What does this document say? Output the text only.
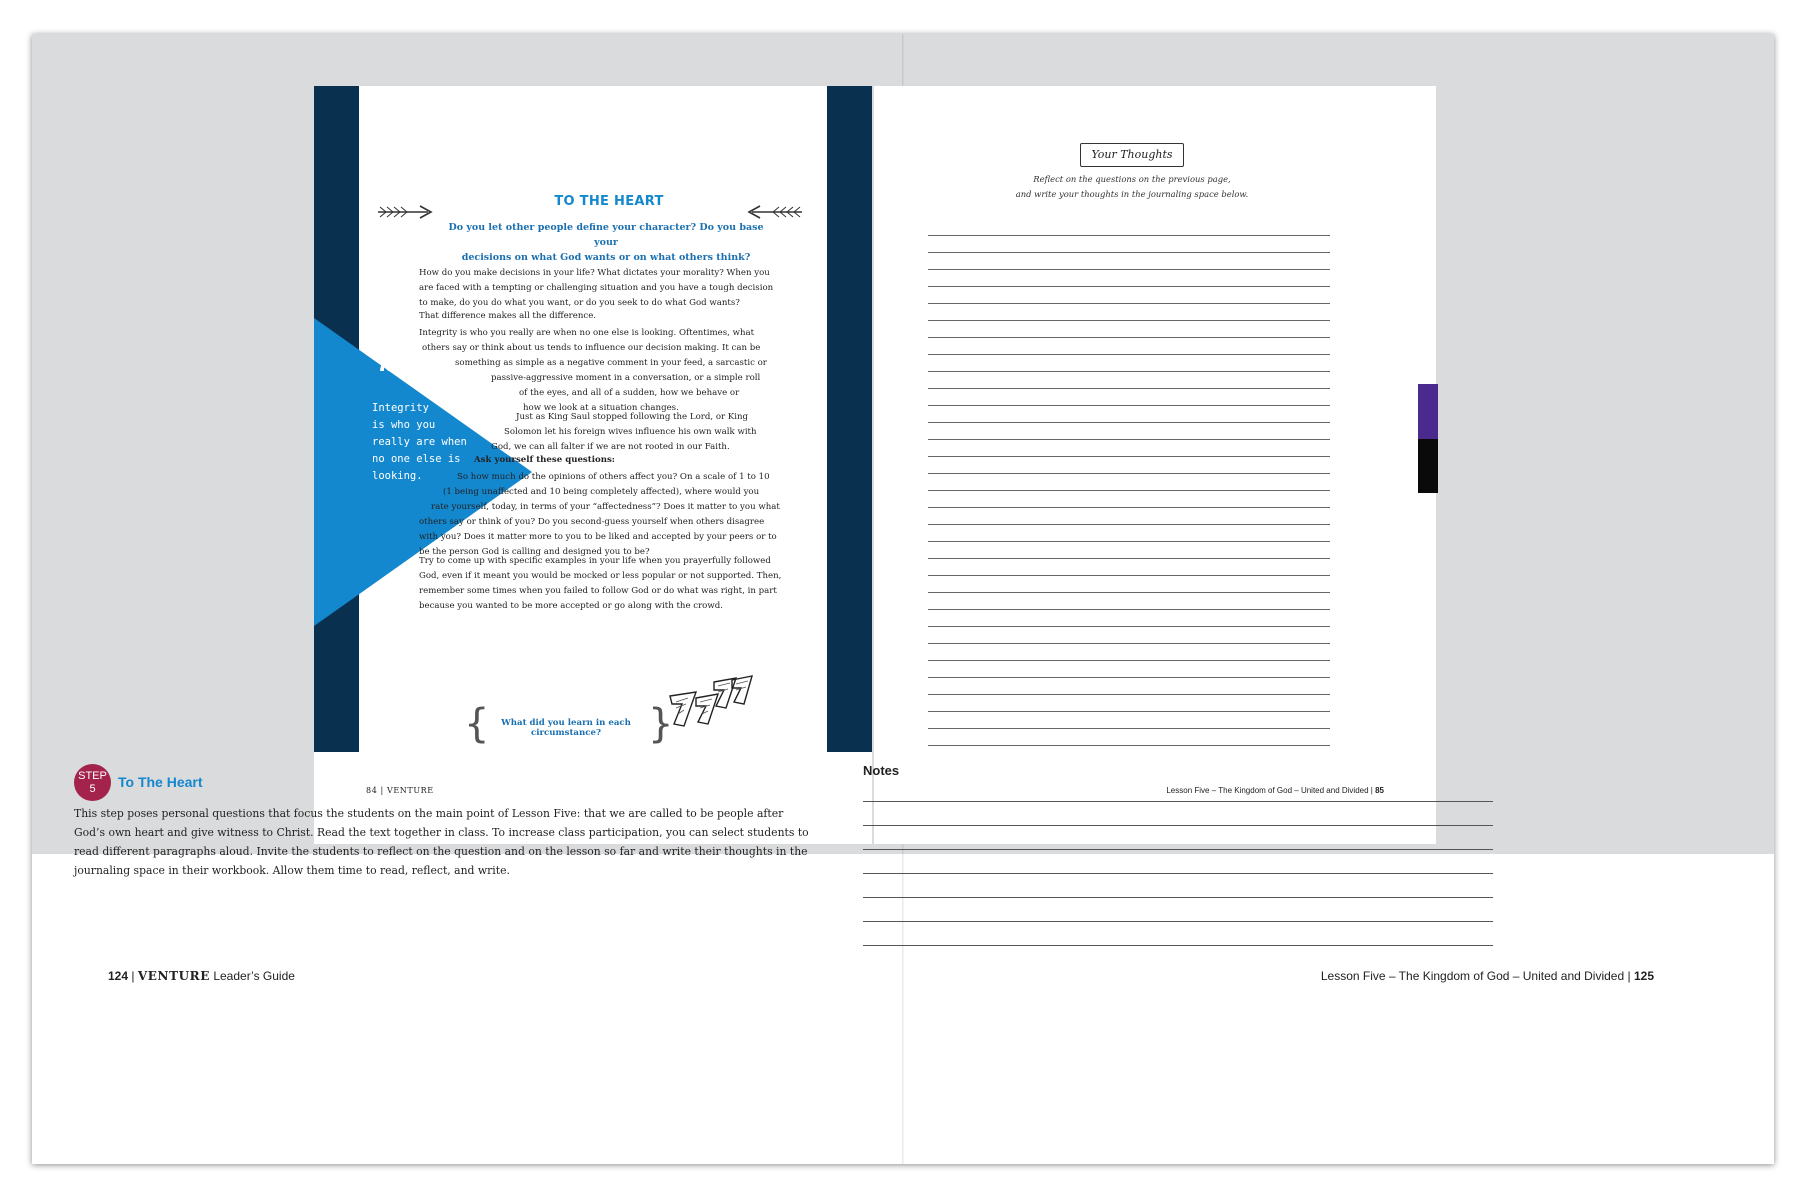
“
Integrity
is who you
really are when
no one else is
looking.
TO THE HEART
Do you let other people define your character? Do you base your
decisions on what God wants or on what others think?
How do you make decisions in your life? What dictates your morality? When you
are faced with a tempting or challenging situation and you have a tough decision
to make, do you do what you want, or do you seek to do what God wants?
That difference makes all the difference.
Integrity is who you really are when no one else is looking. Oftentimes, what
others say or think about us tends to influence our decision making. It can be
something as simple as a negative comment in your feed, a sarcastic or
passive-aggressive moment in a conversation, or a simple roll
of the eyes, and all of a sudden, how we behave or
how we look at a situation changes.
Just as King Saul stopped following the Lord, or King
Solomon let his foreign wives influence his own walk with
God, we can all falter if we are not rooted in our Faith.
Ask yourself these questions:
So how much do the opinions of others affect you? On a scale of 1 to 10
(1 being unaffected and 10 being completely affected), where would you
rate yourself, today, in terms of your “affectedness”? Does it matter to you what
others say or think of you? Do you second-guess yourself when others disagree
with you? Does it matter more to you to be liked and accepted by your peers or to
be the person God is calling and designed you to be?
Try to come up with specific examples in your life when you prayerfully followed
God, even if it meant you would be mocked or less popular or not supported. Then,
remember some times when you failed to follow God or do what was right, in part
because you wanted to be more accepted or go along with the crowd.
{	What did you learn in each circumstance?	}
84 | VENTURE
Your Thoughts
Reflect on the questions on the previous page,
and write your thoughts in the journaling space below.
Lesson Five – The Kingdom of God – United and Divided | 85
STEP
5	To The Heart
This step poses personal questions that focus the students on the main point of Lesson Five: that we are called to be people after
God’s own heart and give witness to Christ. Read the text together in class. To increase class participation, you can select students to
read different paragraphs aloud. Invite the students to reflect on the question and on the lesson so far and write their thoughts in the
journaling space in their workbook. Allow them time to read, reflect, and write.
124 | VENTURE Leader’s Guide
Notes
Lesson Five – The Kingdom of God – United and Divided | 125
